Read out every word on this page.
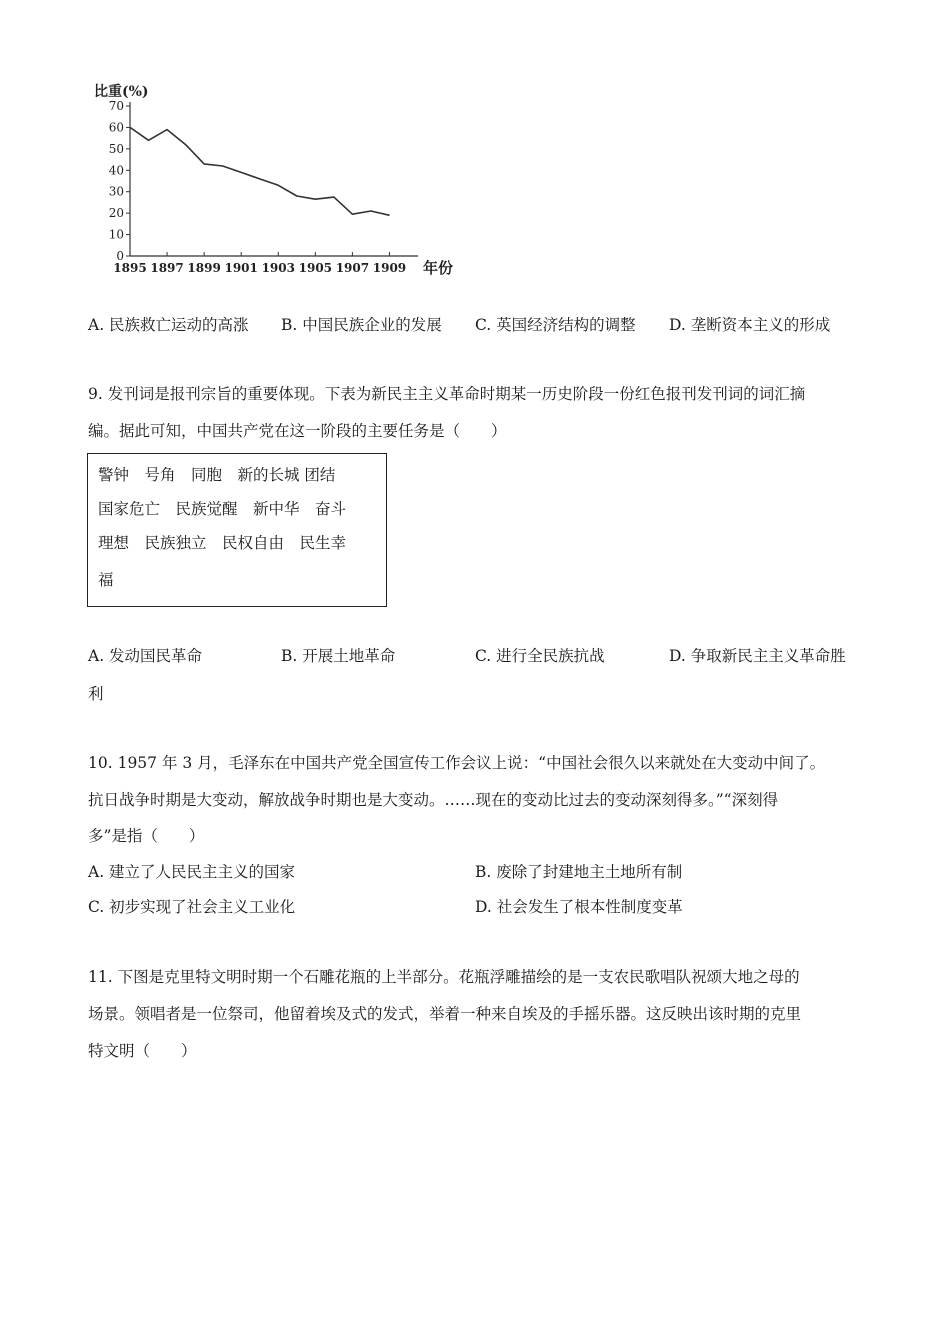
比重(%)
年份
0
10
20
30
40
50
60
70
1895 1897 1899 1901 1903 1905 1907 1909
A. 民族救亡运动的高涨 B. 中国民族企业的发展 C. 英国经济结构的调整 D. 垄断资本主义的形成
9. 发刊词是报刊宗旨的重要体现。下表为新民主主义革命时期某一历史阶段一份红色报刊发刊词的词汇摘
编。据此可知，中国共产党在这一阶段的主要任务是（　　）
警钟　号角　同胞　新的长城 团结
国家危亡　民族觉醒　新中华　奋斗
理想　民族独立　民权自由　民生幸
福
A. 发动国民革命	B. 开展土地革命	C. 进行全民族抗战	D. 争取新民主主义革命胜
利
10. 1957 年 3 月，毛泽东在中国共产党全国宣传工作会议上说：“中国社会很久以来就处在大变动中间了。
抗日战争时期是大变动，解放战争时期也是大变动。……现在的变动比过去的变动深刻得多。”“深刻得
多”是指（　　）
A. 建立了人民民主主义的国家	B. 废除了封建地主土地所有制
C. 初步实现了社会主义工业化	D. 社会发生了根本性制度变革
11. 下图是克里特文明时期一个石雕花瓶的上半部分。花瓶浮雕描绘的是一支农民歌唱队祝颂大地之母的
场景。领唱者是一位祭司，他留着埃及式的发式，举着一种来自埃及的手摇乐器。这反映出该时期的克里
特文明（　　）
